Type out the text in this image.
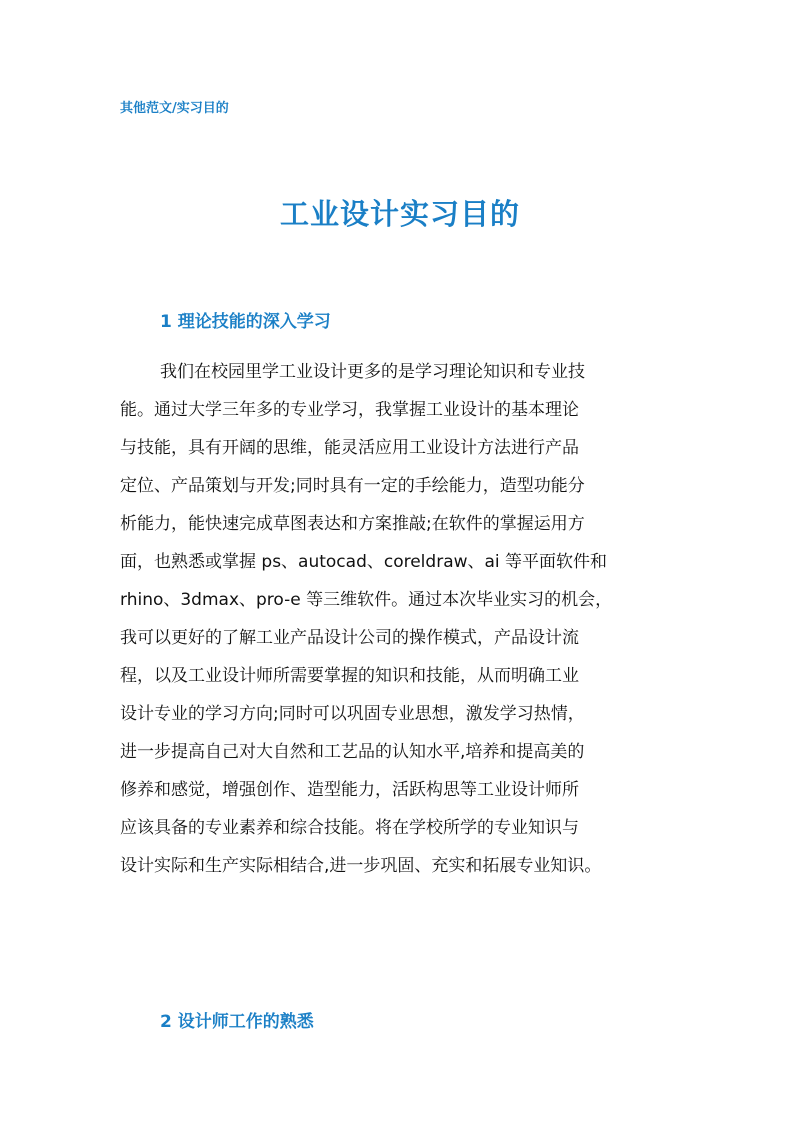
其他范文/实习目的
工业设计实习目的
1 理论技能的深入学习
我们在校园里学工业设计更多的是学习理论知识和专业技
能。通过大学三年多的专业学习，我掌握工业设计的基本理论
与技能，具有开阔的思维，能灵活应用工业设计方法进行产品
定位、产品策划与开发;同时具有一定的手绘能力，造型功能分
析能力，能快速完成草图表达和方案推敲;在软件的掌握运用方
面，也熟悉或掌握 ps、autocad、coreldraw、ai 等平面软件和
rhino、3dmax、pro-e 等三维软件。通过本次毕业实习的机会，
我可以更好的了解工业产品设计公司的操作模式，产品设计流
程，以及工业设计师所需要掌握的知识和技能，从而明确工业
设计专业的学习方向;同时可以巩固专业思想，激发学习热情，
进一步提高自己对大自然和工艺品的认知水平,培养和提高美的
修养和感觉，增强创作、造型能力，活跃构思等工业设计师所
应该具备的专业素养和综合技能。将在学校所学的专业知识与
设计实际和生产实际相结合,进一步巩固、充实和拓展专业知识。
2 设计师工作的熟悉
